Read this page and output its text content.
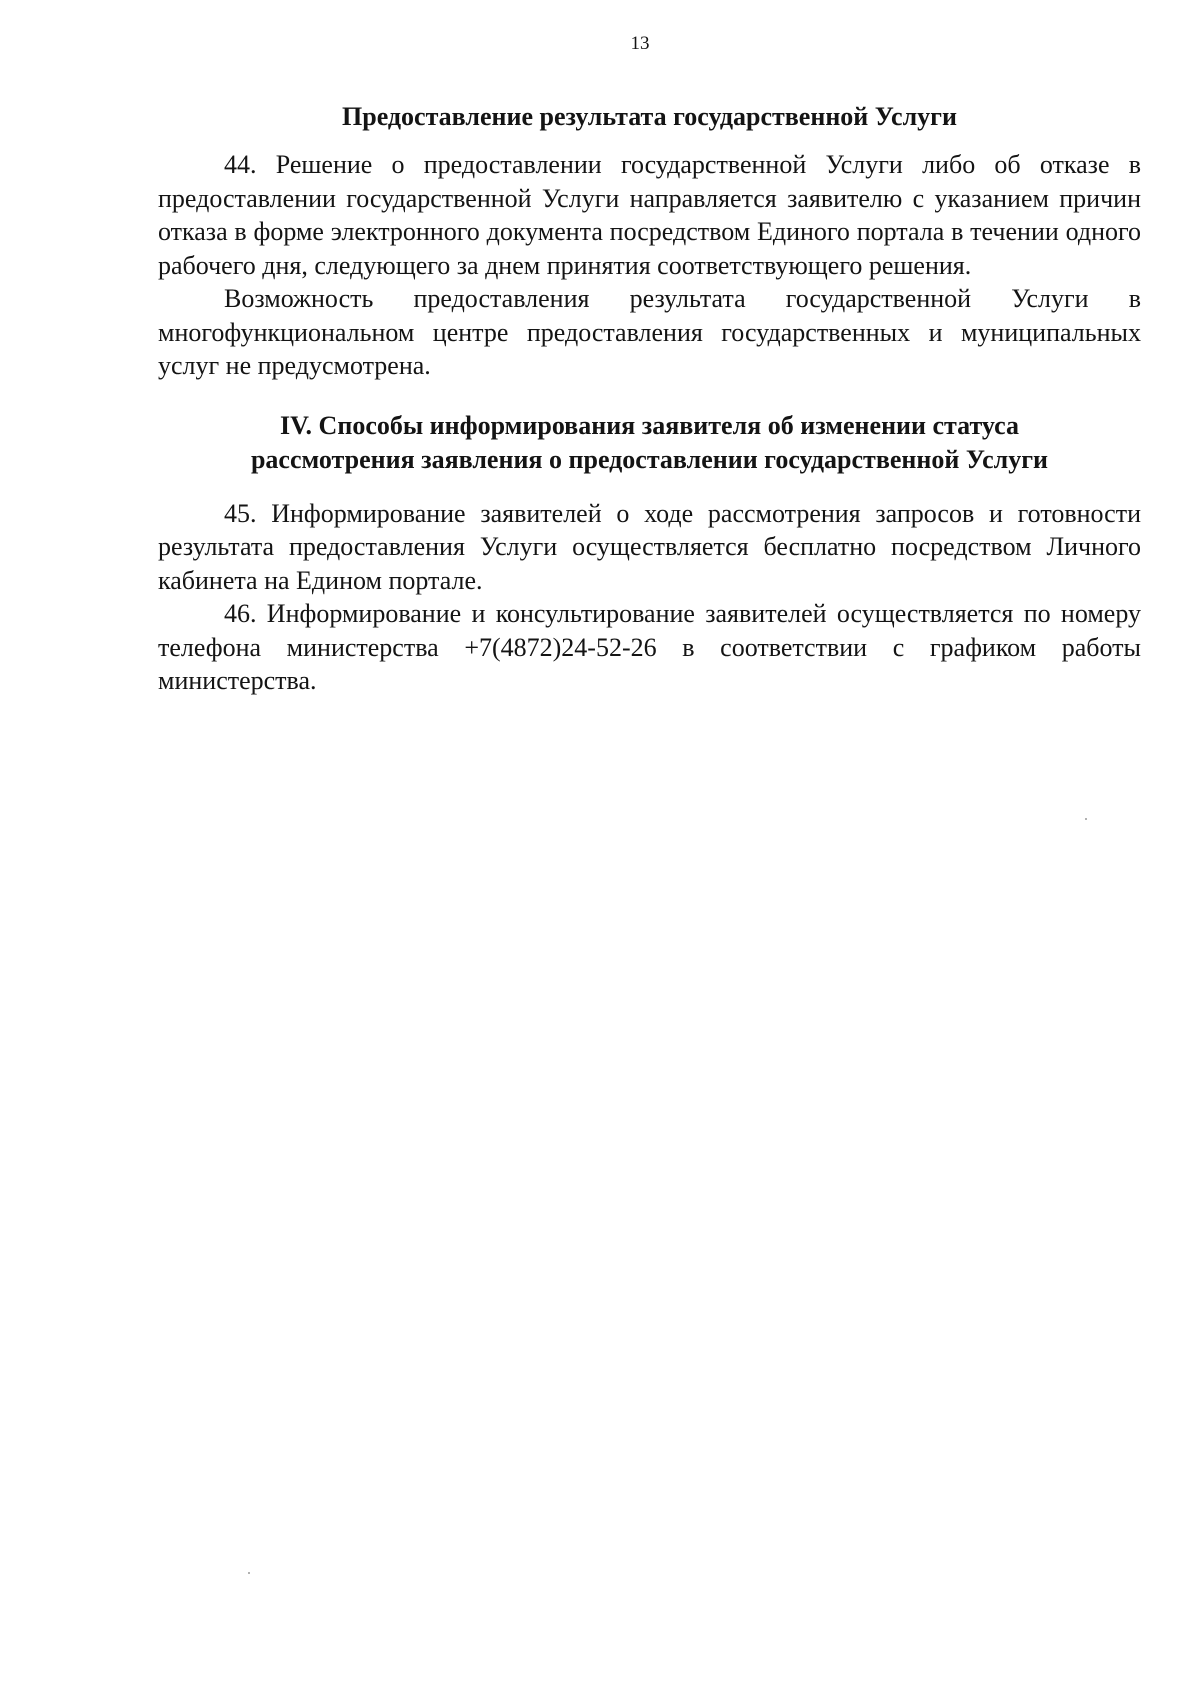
13
Предоставление результата государственной Услуги

44. Решение о предоставлении государственной Услуги либо об отказе в предоставлении государственной Услуги направляется заявителю с указанием причин отказа в форме электронного документа посредством Единого портала в течении одного рабочего дня, следующего за днем принятия соответствующего решения.

Возможность предоставления результата государственной Услуги в многофункциональном центре предоставления государственных и муниципальных услуг не предусмотрена.

IV. Способы информирования заявителя об изменении статуса
рассмотрения заявления о предоставлении государственной Услуги

45. Информирование заявителей о ходе рассмотрения запросов и готовности результата предоставления Услуги осуществляется бесплатно посредством Личного кабинета на Едином портале.

46. Информирование и консультирование заявителей осуществляется по номеру телефона министерства +7(4872)24-52-26 в соответствии с графиком работы министерства.
